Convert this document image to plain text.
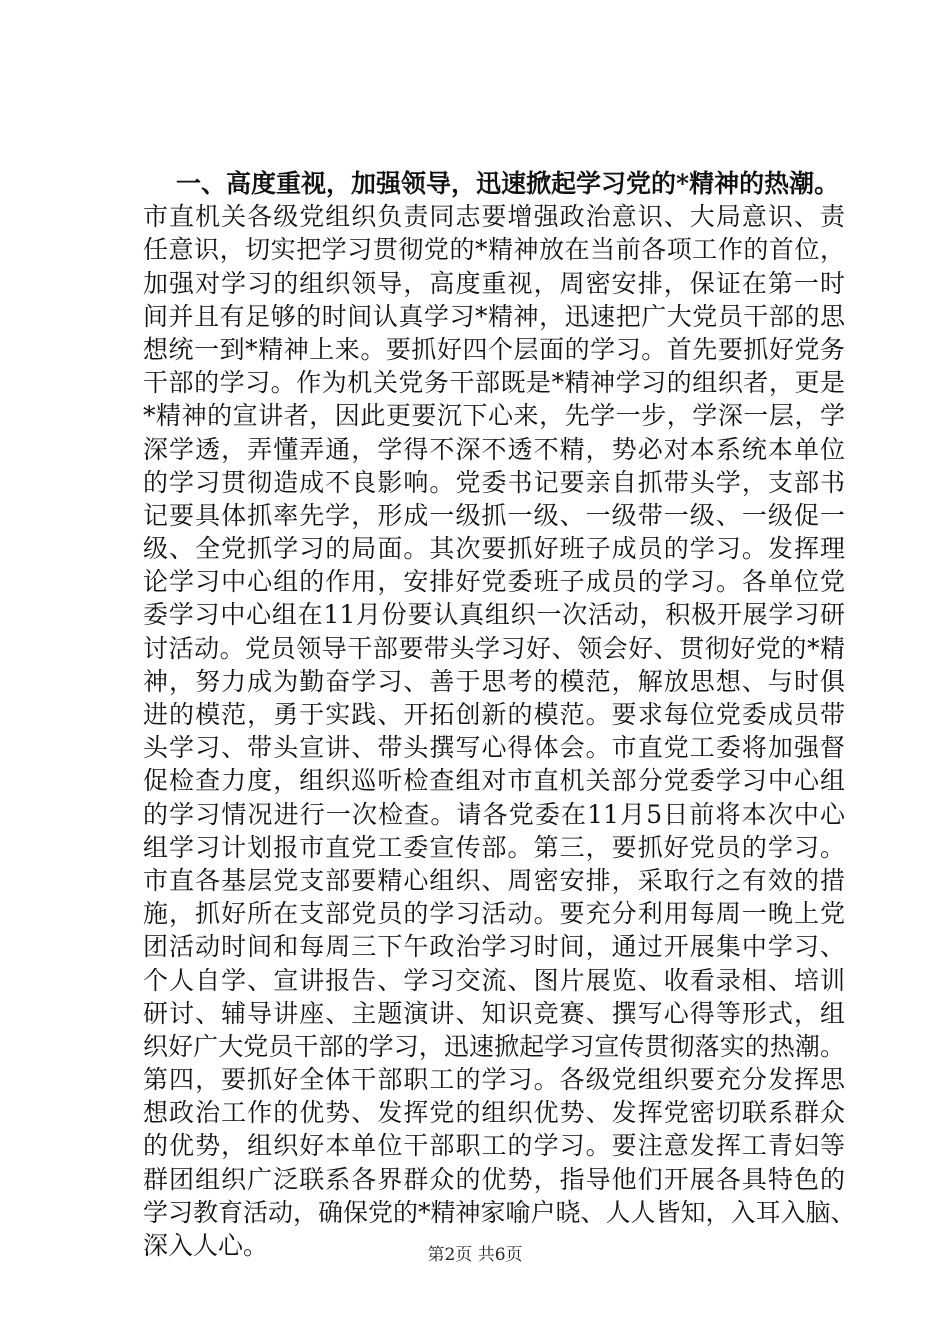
一、高度重视，加强领导，迅速掀起学习党的*精神的热潮。
市直机关各级党组织负责同志要增强政治意识、大局意识、责
任意识，切实把学习贯彻党的*精神放在当前各项工作的首位，
加强对学习的组织领导，高度重视，周密安排，保证在第一时
间并且有足够的时间认真学习*精神，迅速把广大党员干部的思
想统一到*精神上来。要抓好四个层面的学习。首先要抓好党务
干部的学习。作为机关党务干部既是*精神学习的组织者，更是
*精神的宣讲者，因此更要沉下心来，先学一步，学深一层，学
深学透，弄懂弄通，学得不深不透不精，势必对本系统本单位
的学习贯彻造成不良影响。党委书记要亲自抓带头学，支部书
记要具体抓率先学，形成一级抓一级、一级带一级、一级促一
级、全党抓学习的局面。其次要抓好班子成员的学习。发挥理
论学习中心组的作用，安排好党委班子成员的学习。各单位党
委学习中心组在11月份要认真组织一次活动，积极开展学习研
讨活动。党员领导干部要带头学习好、领会好、贯彻好党的*精
神，努力成为勤奋学习、善于思考的模范，解放思想、与时俱
进的模范，勇于实践、开拓创新的模范。要求每位党委成员带
头学习、带头宣讲、带头撰写心得体会。市直党工委将加强督
促检查力度，组织巡听检查组对市直机关部分党委学习中心组
的学习情况进行一次检查。请各党委在11月5日前将本次中心
组学习计划报市直党工委宣传部。第三，要抓好党员的学习。
市直各基层党支部要精心组织、周密安排，采取行之有效的措
施，抓好所在支部党员的学习活动。要充分利用每周一晚上党
团活动时间和每周三下午政治学习时间，通过开展集中学习、
个人自学、宣讲报告、学习交流、图片展览、收看录相、培训
研讨、辅导讲座、主题演讲、知识竞赛、撰写心得等形式，组
织好广大党员干部的学习，迅速掀起学习宣传贯彻落实的热潮。
第四，要抓好全体干部职工的学习。各级党组织要充分发挥思
想政治工作的优势、发挥党的组织优势、发挥党密切联系群众
的优势，组织好本单位干部职工的学习。要注意发挥工青妇等
群团组织广泛联系各界群众的优势，指导他们开展各具特色的
学习教育活动，确保党的*精神家喻户晓、人人皆知，入耳入脑、
深入人心。	第2页 共6页
